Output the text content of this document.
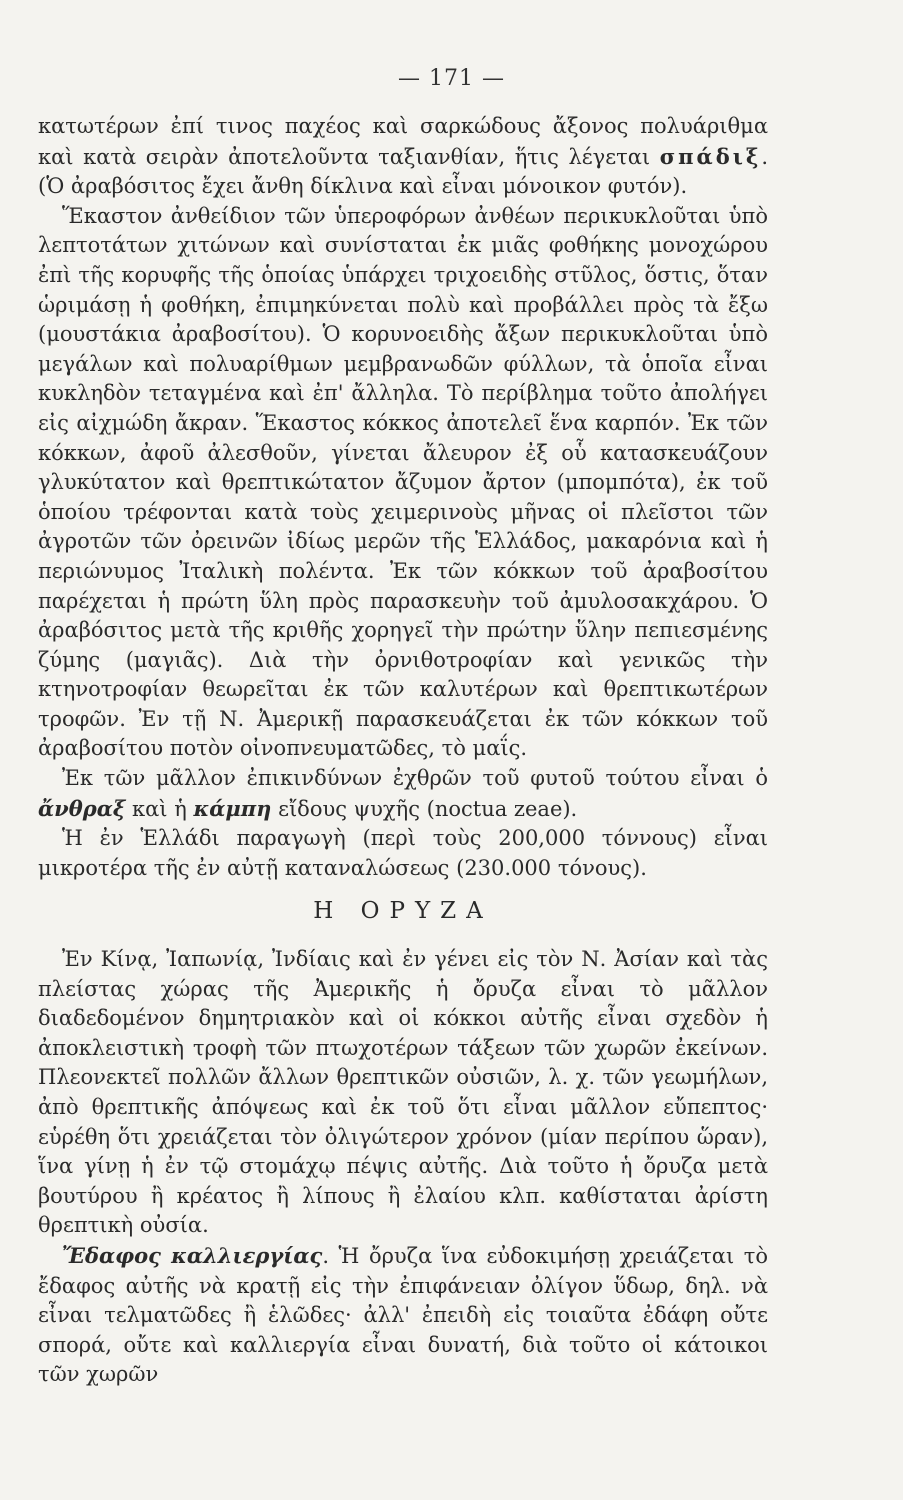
— 171 —

κατωτέρων ἐπί τινος παχέος καὶ σαρκώδους ἄξονος πολυάριθμα καὶ κατὰ σειρὰν ἀποτελοῦντα ταξιανθίαν, ἥτις λέγεται σπάδιξ. (Ὁ ἀραβόσιτος ἔχει ἄνθη δίκλινα καὶ εἶναι μόνοικον φυτόν).

Ἕκαστον ἀνθείδιον τῶν ὑπεροφόρων ἀνθέων περικυκλοῦται ὑπὸ λεπτοτάτων χιτώνων καὶ συνίσταται ἐκ μιᾶς φοθήκης μονοχώρου ἐπὶ τῆς κορυφῆς τῆς ὁποίας ὑπάρχει τριχοειδὴς στῦλος, ὅστις, ὅταν ὡριμάσῃ ἡ φοθήκη, ἐπιμηκύνεται πολὺ καὶ προβάλλει πρὸς τὰ ἔξω (μουστάκια ἀραβοσίτου). Ὁ κορυνοειδὴς ἄξων περικυκλοῦται ὑπὸ μεγάλων καὶ πολυαρίθμων μεμβρανωδῶν φύλλων, τὰ ὁποῖα εἶναι κυκληδὸν τεταγμένα καὶ ἐπ' ἄλληλα. Τὸ περίβλημα τοῦτο ἀπολήγει εἰς αἰχμώδη ἄκραν. Ἕκαστος κόκκος ἀποτελεῖ ἕνα καρπόν. Ἐκ τῶν κόκκων, ἀφοῦ ἀλεσθοῦν, γίνεται ἄλευρον ἐξ οὗ κατασκευάζουν γλυκύτατον καὶ θρεπτικώτατον ἄζυμον ἄρτον (μπομπότα), ἐκ τοῦ ὁποίου τρέφονται κατὰ τοὺς χειμερινοὺς μῆνας οἱ πλεῖστοι τῶν ἀγροτῶν τῶν ὀρεινῶν ἰδίως μερῶν τῆς Ἑλλάδος, μακαρόνια καὶ ἡ περιώνυμος Ἰταλικὴ πολέντα. Ἐκ τῶν κόκκων τοῦ ἀραβοσίτου παρέχεται ἡ πρώτη ὕλη πρὸς παρασκευὴν τοῦ ἀμυλοσακχάρου. Ὁ ἀραβόσιτος μετὰ τῆς κριθῆς χορηγεῖ τὴν πρώτην ὕλην πεπιεσμένης ζύμης (μαγιᾶς). Διὰ τὴν ὀρνιθοτροφίαν καὶ γενικῶς τὴν κτηνοτροφίαν θεωρεῖται ἐκ τῶν καλυτέρων καὶ θρεπτικωτέρων τροφῶν. Ἐν τῇ Ν. Ἀμερικῇ παρασκευάζεται ἐκ τῶν κόκκων τοῦ ἀραβοσίτου ποτὸν οἰνοπνευματῶδες, τὸ μαΐς.

Ἐκ τῶν μᾶλλον ἐπικινδύνων ἐχθρῶν τοῦ φυτοῦ τούτου εἶναι ὁ ἄνθραξ καὶ ἡ κάμπη εἴδους ψυχῆς (noctua zeae).

Ἡ ἐν Ἑλλάδι παραγωγὴ (περὶ τοὺς 200,000 τόννους) εἶναι μικροτέρα τῆς ἐν αὐτῇ καταναλώσεως (230.000 τόνους).

Η ΟΡΥΖΑ

Ἐν Κίνᾳ, Ἰαπωνίᾳ, Ἰνδίαις καὶ ἐν γένει εἰς τὸν Ν. Ἀσίαν καὶ τὰς πλείστας χώρας τῆς Ἀμερικῆς ἡ ὄρυζα εἶναι τὸ μᾶλλον διαδεδομένον δημητριακὸν καὶ οἱ κόκκοι αὐτῆς εἶναι σχεδὸν ἡ ἀποκλειστικὴ τροφὴ τῶν πτωχοτέρων τάξεων τῶν χωρῶν ἐκείνων. Πλεονεκτεῖ πολλῶν ἄλλων θρεπτικῶν οὐσιῶν, λ. χ. τῶν γεωμήλων, ἀπὸ θρεπτικῆς ἀπόψεως καὶ ἐκ τοῦ ὅτι εἶναι μᾶλλον εὔπεπτος· εὑρέθη ὅτι χρειάζεται τὸν ὀλιγώτερον χρόνον (μίαν περίπου ὥραν), ἵνα γίνῃ ἡ ἐν τῷ στομάχῳ πέψις αὐτῆς. Διὰ τοῦτο ἡ ὄρυζα μετὰ βουτύρου ἢ κρέατος ἢ λίπους ἢ ἐλαίου κλπ. καθίσταται ἀρίστη θρεπτικὴ οὐσία.

Ἔδαφος καλλιεργίας. Ἡ ὄρυζα ἵνα εὐδοκιμήσῃ χρειάζεται τὸ ἔδαφος αὐτῆς νὰ κρατῇ εἰς τὴν ἐπιφάνειαν ὀλίγον ὕδωρ, δηλ. νὰ εἶναι τελματῶδες ἢ ἑλῶδες· ἀλλ' ἐπειδὴ εἰς τοιαῦτα ἐδάφη οὔτε σπορά, οὔτε καὶ καλλιεργία εἶναι δυνατή, διὰ τοῦτο οἱ κάτοικοι τῶν χωρῶν
